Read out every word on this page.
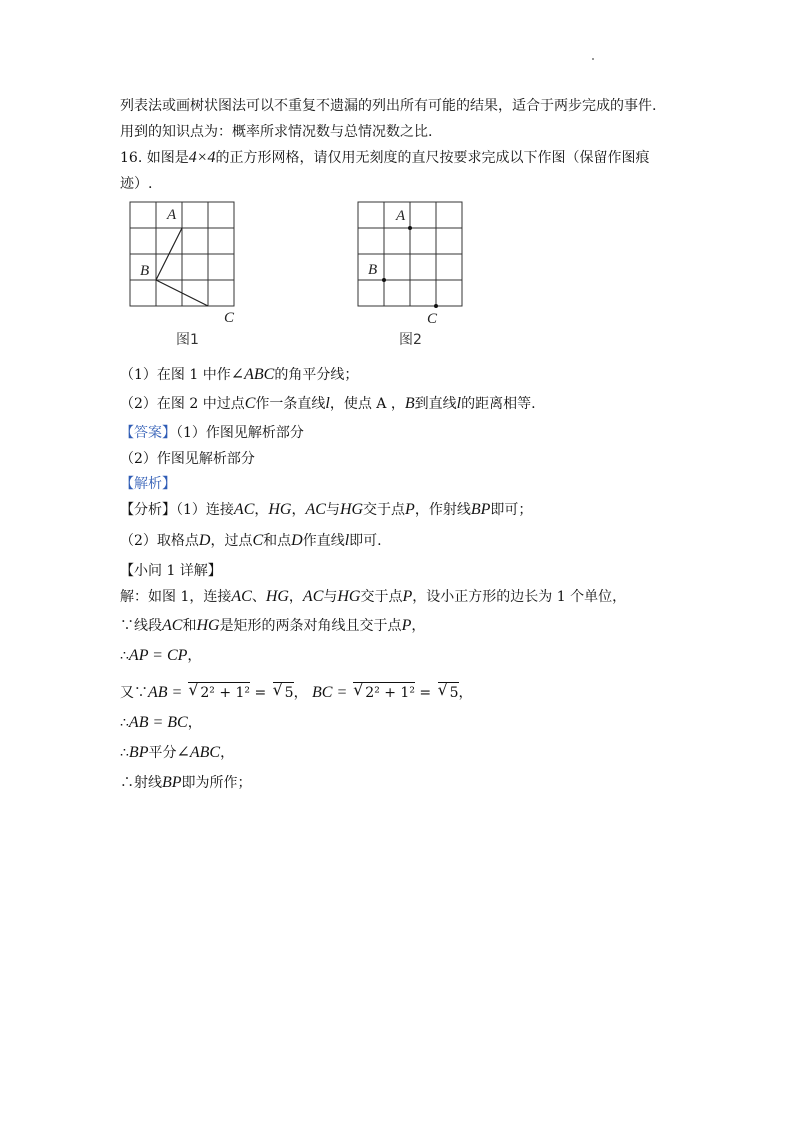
列表法或画树状图法可以不重复不遗漏的列出所有可能的结果，适合于两步完成的事件.
用到的知识点为：概率所求情况数与总情况数之比.
16. 如图是4×4的正方形网格，请仅用无刻度的直尺按要求完成以下作图（保留作图痕
迹）.
A
B
C
图1
A
B
C
图2
（1）在图 1 中作∠ABC的角平分线；
（2）在图 2 中过点C作一条直线l，使点 A ，B到直线l的距离相等.
【答案】（1）作图见解析部分
（2）作图见解析部分
【解析】
【分析】（1）连接AC，HG，AC与HG交于点P，作射线BP即可；
（2）取格点D，过点C和点D作直线l即可.
【小问 1 详解】
解：如图 1，连接AC、HG，AC与HG交于点P，设小正方形的边长为 1 个单位，
∵线段AC和HG是矩形的两条对角线且交于点P，
∴AP = CP，
又∵AB = √ 2² + 1² = √ 5， BC = √ 2² + 1² = √ 5，
∴AB = BC，
∴BP平分∠ABC，
∴射线BP即为所作；
